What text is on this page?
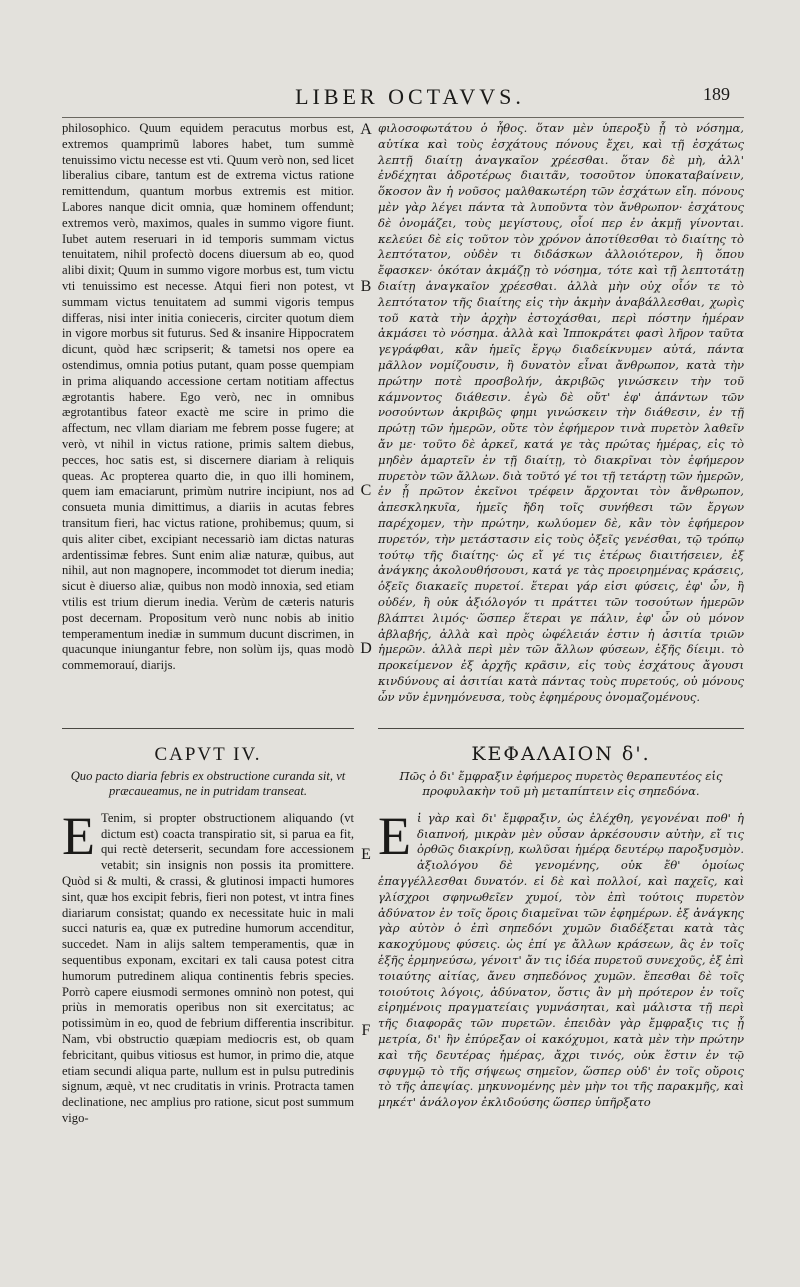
LIBER OCTAVVS.	189

philosophico. Quum equidem peracutus morbus est, extremos quamprimũ labores habet, tum summè tenuissimo victu necesse est vti. Quum verò non, sed licet liberalius cibare, tantum est de extrema victus ratione remittendum, quantum morbus extremis est mitior. Labores nanque dicit omnia, quæ hominem offendunt; extremos verò, maximos, quales in summo vigore fiunt. Iubet autem reseruari in id temporis summam victus tenuitatem, nihil profectò docens diuersum ab eo, quod alibi dixit; Quum in summo vigore morbus est, tum victu vti tenuissimo est necesse. Atqui fieri non potest, vt summam victus tenuitatem ad summi vigoris tempus differas, nisi inter initia conieceris, circiter quotum diem in vigore morbus sit futurus. Sed & insanire Hippocratem dicunt, quòd hæc scripserit; & tametsi nos opere ea ostendimus, omnia potius putant, quam posse quempiam in prima aliquando accessione certam notitiam affectus ægrotantis habere. Ego verò, nec in omnibus ægrotantibus fateor exactè me scire in primo die affectum, nec vllam diariam me febrem posse fugere; at verò, vt nihil in victus ratione, primis saltem diebus, pecces, hoc satis est, si discernere diariam à reliquis queas. Ac propterea quarto die, in quo illi hominem, quem iam emaciarunt, primùm nutrire incipiunt, nos ad consueta munia dimittimus, a diariis in acutas febres transitum fieri, hac victus ratione, prohibemus; quum, si quis aliter cibet, excipiant necessariò iam dictas naturas ardentissimæ febres. Sunt enim aliæ naturæ, quibus, aut nihil, aut non magnopere, incommodet tot dierum inedia; sicut è diuerso aliæ, quibus non modò innoxia, sed etiam vtilis est trium dierum inedia. Verùm de cæteris naturis post decernam. Propositum verò nunc nobis ab initio temperamentum inediæ in summum ducunt discrimen, in quacunque iniungantur febre, non solùm ijs, quas modò commemorauí, diarijs.

φιλοσοφωτάτου ὁ ἦθος. ὅταν μὲν ὑπεροξὺ ᾖ τὸ νόσημα, αὐτίκα καὶ τοὺς ἐσχάτους πόνους ἔχει, καὶ τῇ ἐσχάτως λεπτῇ διαίτῃ ἀναγκαῖον χρέεσθαι. ὅταν δὲ μὴ, ἀλλ' ἐνδέχηται ἁδροτέρως διαιτᾶν, τοσοῦτον ὑποκαταβαίνειν, ὅκοσον ἂν ἡ νοῦσος μαλθακωτέρη τῶν ἐσχάτων εἴη. πόνους μὲν γὰρ λέγει πάντα τὰ λυποῦντα τὸν ἄνθρωπον· ἐσχάτους δὲ ὀνομάζει, τοὺς μεγίστους, οἷοί περ ἐν ἀκμῇ γίνονται. κελεύει δὲ εἰς τοῦτον τὸν χρόνον ἀποτίθεσθαι τὸ διαίτης τὸ λεπτότατον, οὐδὲν τι διδάσκων ἀλλοιότερον, ἢ ὅπου ἔφασκεν· ὁκόταν ἀκμάζῃ τὸ νόσημα, τότε καὶ τῇ λεπτοτάτῃ διαίτῃ ἀναγκαῖον χρέεσθαι. ἀλλὰ μὴν οὐχ οἷόν τε τὸ λεπτότατον τῆς διαίτης εἰς τὴν ἀκμὴν ἀναβάλλεσθαι, χωρὶς τοῦ κατὰ τὴν ἀρχὴν ἐστοχάσθαι, περὶ πόστην ἡμέραν ἀκμάσει τὸ νόσημα. ἀλλὰ καὶ Ἱπποκράτει φασὶ λῆρον ταῦτα γεγράφθαι, κἂν ἡμεῖς ἔργῳ διαδείκνυμεν αὐτά, πάντα μᾶλλον νομίζουσιν, ἢ δυνατὸν εἶναι ἄνθρωπον, κατὰ τὴν πρώτην ποτὲ προσβολήν, ἀκριβῶς γινώσκειν τὴν τοῦ κάμνοντος διάθεσιν. ἐγὼ δὲ οὔτ' ἐφ' ἁπάντων τῶν νοσούντων ἀκριβῶς φημι γινώσκειν τὴν διάθεσιν, ἐν τῇ πρώτῃ τῶν ἡμερῶν, οὔτε τὸν ἐφήμερον τινὰ πυρετὸν λαθεῖν ἄν με· τοῦτο δὲ ἀρκεῖ, κατά γε τὰς πρώτας ἡμέρας, εἰς τὸ μηδὲν ἁμαρτεῖν ἐν τῇ διαίτῃ, τὸ διακρῖναι τὸν ἐφήμερον πυρετὸν τῶν ἄλλων. διὰ τοῦτό γέ τοι τῇ τετάρτῃ τῶν ἡμερῶν, ἐν ᾗ πρῶτον ἐκεῖνοι τρέφειν ἄρχονται τὸν ἄνθρωπον, ἀπεσκληκυῖα, ἡμεῖς ἤδη τοῖς συνήθεσι τῶν ἔργων παρέχομεν, τὴν πρώτην, κωλύομεν δὲ, κἂν τὸν ἐφήμερον πυρετόν, τὴν μετάστασιν εἰς τοὺς ὀξεῖς γενέσθαι, τῷ τρόπῳ τούτῳ τῆς διαίτης· ὡς εἴ γέ τις ἑτέρως διαιτήσειεν, ἐξ ἀνάγκης ἀκολουθήσουσι, κατά γε τὰς προειρημένας κράσεις, ὁξεῖς διακαεῖς πυρετοί. ἕτεραι γάρ εἰσι φύσεις, ἐφ' ὧν, ἢ οὐδέν, ἢ οὐκ ἀξιόλογόν τι πράττει τῶν τοσούτων ἡμερῶν βλάπτει λιμός· ὥσπερ ἕτεραι γε πάλιν, ἐφ' ὧν οὐ μόνον ἀβλαβής, ἀλλὰ καὶ πρὸς ὠφέλειάν ἐστιν ἡ ἀσιτία τριῶν ἡμερῶν. ἀλλὰ περὶ μὲν τῶν ἄλλων φύσεων, ἑξῆς δίειμι. τὸ προκείμενον ἐξ ἀρχῆς κρᾶσιν, εἰς τοὺς ἐσχάτους ἄγουσι κινδύνους αἱ ἀσιτίαι κατὰ πάντας τοὺς πυρετούς, οὐ μόνους ὧν νῦν ἐμνημόνευσα, τοὺς ἐφημέρους ὀνομαζομένους.

A
B
C
D
E
F
CAPVT IV.
Quo pacto diaria febris ex obstructione curanda sit, vt præcaueamus, ne in putridam transeat.

E Tenim, si propter obstructionem aliquando (vt dictum est) coacta transpiratio sit, si parua ea fit, qui rectè deterserit, secundam fore accessionem vetabit; sin insignis non possis ita promittere. Quòd si & multi, & crassi, & glutinosi impacti humores sint, quæ hos excipit febris, fieri non potest, vt intra fines diariarum consistat; quando ex necessitate huic in mali succi naturis ea, quæ ex putredine humorum accenditur, succedet. Nam in alijs saltem temperamentis, quæ in sequentibus exponam, excitari ex tali causa potest citra humorum putredinem aliqua continentis febris species. Porrò capere eiusmodi sermones omninò non potest, qui priùs in memoratis operibus non sit exercitatus; ac potissimùm in eo, quod de febrium differentia inscribitur. Nam, vbi obstructio quæpiam mediocris est, ob quam febricitant, quibus vitiosus est humor, in primo die, atque etiam secundi aliqua parte, nullum est in pulsu putredinis signum, æquè, vt nec cruditatis in vrinis. Protracta tamen declinatione, nec amplius pro ratione, sicut post summum vigo-

ΚΕΦΑΛΑΙΟΝ δ'.
Πῶς ὁ δι' ἔμφραξιν ἐφήμερος πυρετὸς θεραπευτέος εἰς προφυλακὴν τοῦ μὴ μεταπίπτειν εἰς σηπεδόνα.

Εἰ γὰρ καὶ δι' ἔμφραξιν, ὡς ἐλέχθη, γεγονέναι ποθ' ἡ διαπνοή, μικρὰν μὲν οὖσαν ἀρκέσουσιν αὐτὴν, εἴ τις ὀρθῶς διακρίνῃ, κωλῦσαι ἡμέρᾳ δευτέρῳ παροξυσμὸν. ἀξιολόγου δὲ γενομένης, οὐκ ἔθ' ὁμοίως ἐπαγγέλλεσθαι δυνατόν. εἰ δὲ καὶ πολλοί, καὶ παχεῖς, καὶ γλίσχροι σφηνωθεῖεν χυμοί, τὸν ἐπὶ τούτοις πυρετὸν ἀδύνατον ἐν τοῖς ὅροις διαμεῖναι τῶν ἐφημέρων. ἐξ ἀνάγκης γὰρ αὐτὸν ὁ ἐπὶ σηπεδόνι χυμῶν διαδέξεται κατὰ τὰς κακοχύμους φύσεις. ὡς ἐπί γε ἄλλων κράσεων, ἃς ἐν τοῖς ἑξῆς ἑρμηνεύσω, γένοιτ' ἄν τις ἰδέα πυρετοῦ συνεχοῦς, ἐξ ἐπὶ τοιαύτης αἰτίας, ἄνευ σηπεδόνος χυμῶν. ἔπεσθαι δὲ τοῖς τοιούτοις λόγοις, ἀδύνατον, ὅστις ἂν μὴ πρότερον ἐν τοῖς εἰρημένοις πραγματείαις γυμνάσηται, καὶ μάλιστα τῇ περὶ τῆς διαφορᾶς τῶν πυρετῶν. ἐπειδὰν γὰρ ἔμφραξις τις ᾖ μετρία, δι' ἣν ἐπύρεξαν οἱ κακόχυμοι, κατὰ μὲν τὴν πρώτην καὶ τῆς δευτέρας ἡμέρας, ἄχρι τινός, οὐκ ἔστιν ἐν τῷ σφυγμῷ τὸ τῆς σήψεως σημεῖον, ὥσπερ οὐδ' ἐν τοῖς οὔροις τὸ τῆς ἀπεψίας. μηκυνομένης μὲν μὴν τοι τῆς παρακμῆς, καὶ μηκέτ' ἀνάλογον ἐκλιδούσης ὥσπερ ὑπῆρξατο
